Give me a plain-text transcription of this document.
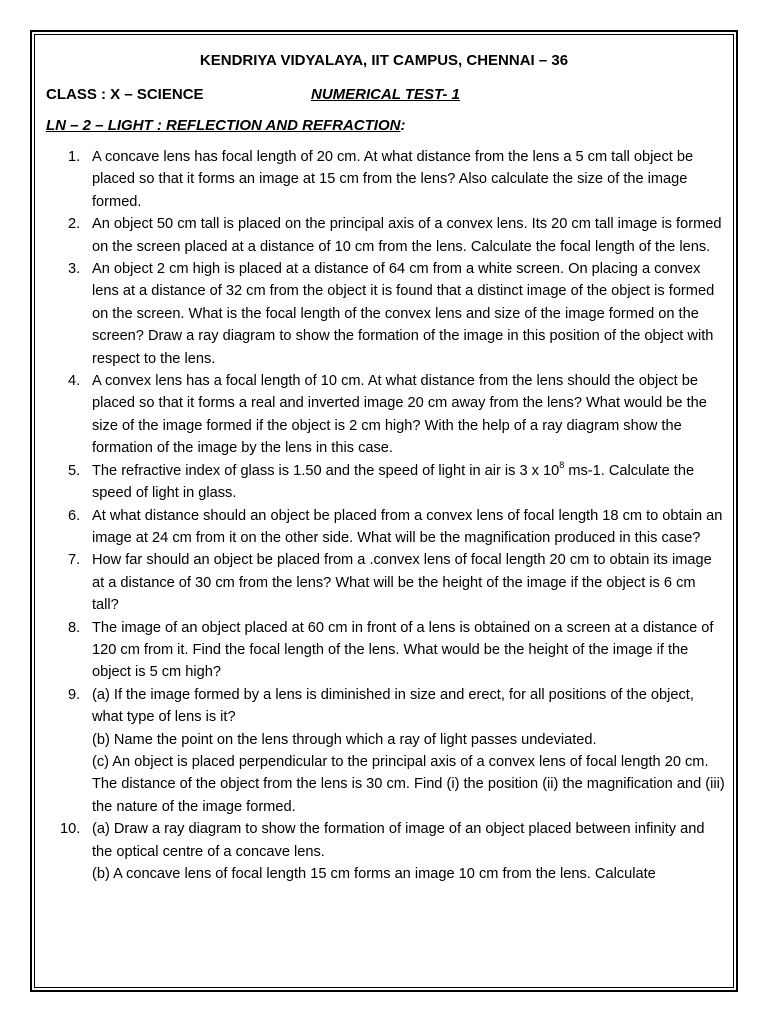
KENDRIYA VIDYALAYA, IIT CAMPUS, CHENNAI – 36
CLASS : X – SCIENCE	NUMERICAL TEST- 1
LN – 2 – LIGHT : REFLECTION AND REFRACTION:
1. A concave lens has focal length of 20 cm. At what distance from the lens a 5 cm tall object be placed so that it forms an image at 15 cm from the lens? Also calculate the size of the image formed.

2. An object 50 cm tall is placed on the principal axis of a convex lens. Its 20 cm tall image is formed on the screen placed at a distance of 10 cm from the lens. Calculate the focal length of the lens.

3. An object 2 cm high is placed at a distance of 64 cm from a white screen. On placing a convex lens at a distance of 32 cm from the object it is found that a distinct image of the object is formed on the screen. What is the focal length of the convex lens and size of the image formed on the screen? Draw a ray diagram to show the formation of the image in this position of the object with respect to the lens.

4. A convex lens has a focal length of 10 cm. At what distance from the lens should the object be placed so that it forms a real and inverted image 20 cm away from the lens? What would be the size of the image formed if the object is 2 cm high? With the help of a ray diagram show the formation of the image by the lens in this case.

5. The refractive index of glass is 1.50 and the speed of light in air is 3 x $10^8$ ms-1. Calculate the speed of light in glass.

6. At what distance should an object be placed from a convex lens of focal length 18 cm to obtain an image at 24 cm from it on the other side. What will be the magnification produced in this case?

7. How far should an object be placed from a .convex lens of focal length 20 cm to obtain its image at a distance of 30 cm from the lens? What will be the height of the image if the object is 6 cm tall?

8. The image of an object placed at 60 cm in front of a lens is obtained on a screen at a distance of 120 cm from it. Find the focal length of the lens. What would be the height of the image if the object is 5 cm high?

9. (a) If the image formed by a lens is diminished in size and erect, for all positions of the object, what type of lens is it?

(b) Name the point on the lens through which a ray of light passes undeviated.

(c) An object is placed perpendicular to the principal axis of a convex lens of focal length 20 cm. The distance of the object from the lens is 30 cm. Find (i) the position (ii) the magnification and (iii) the nature of the image formed.

10. (a) Draw a ray diagram to show the formation of image of an object placed between infinity and the optical centre of a concave lens.

(b) A concave lens of focal length 15 cm forms an image 10 cm from the lens. Calculate
